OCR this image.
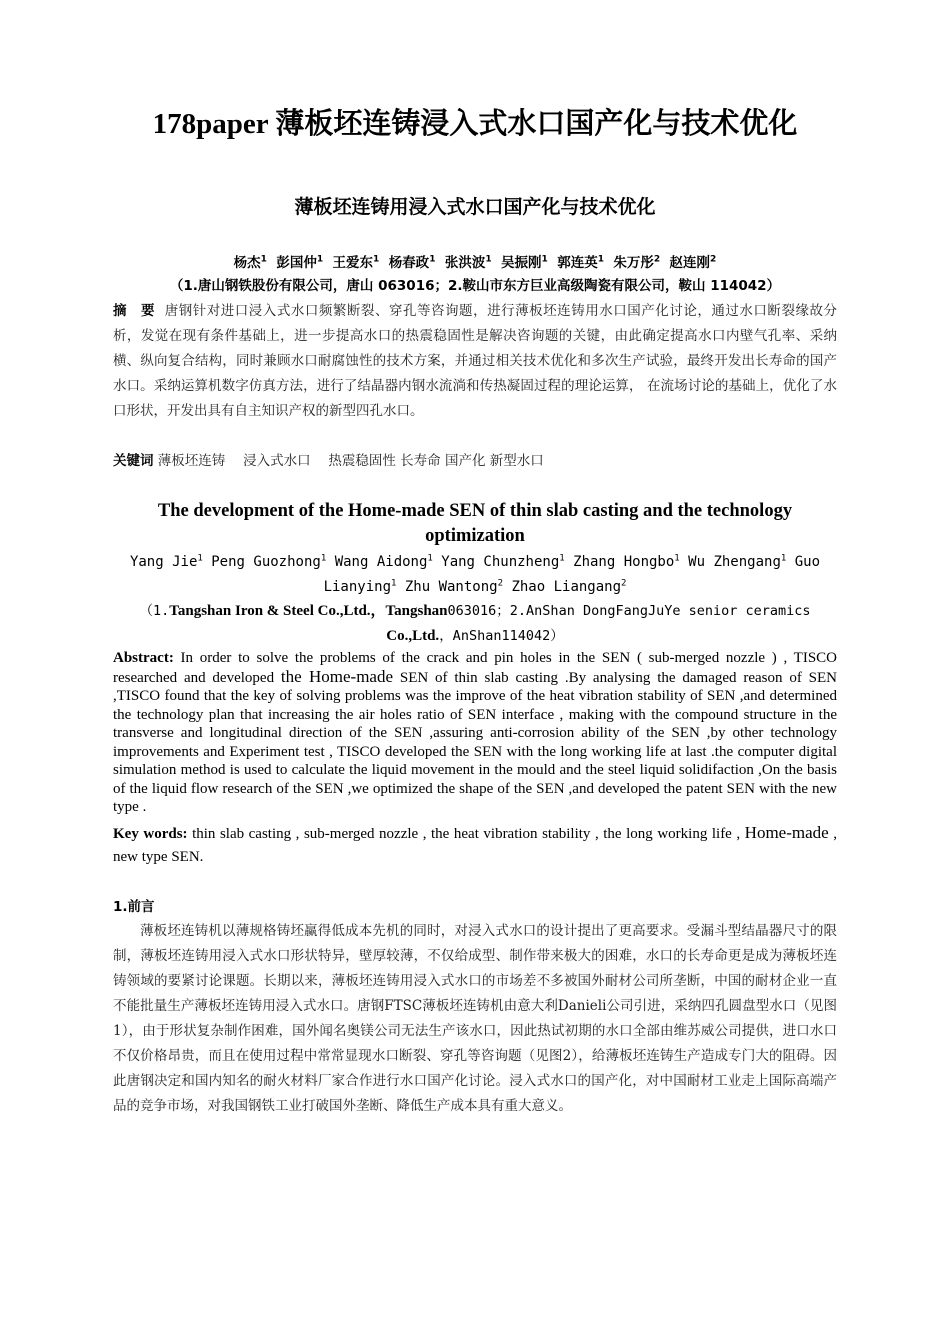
178paper 薄板坯连铸浸入式水口国产化与技术优化
薄板坯连铸用浸入式水口国产化与技术优化
杨杰$^1$ 彭国仲$^1$ 王爱东$^1$ 杨春政$^1$ 张洪波$^1$ 吴振刚$^1$ 郭连英$^1$ 朱万彤$^2$ 赵连刚$^2$
（1.唐山钢铁股份有限公司，唐山 063016；2.鞍山市东方巨业高级陶瓷有限公司，鞍山 114042）
摘　要 唐钢针对进口浸入式水口频繁断裂、穿孔等咨询题，进行薄板坯连铸用水口国产化讨论，通过水口断裂缘故分析，发觉在现有条件基础上，进一步提高水口的热震稳固性是解决咨询题的关键，由此确定提高水口内壁气孔率、采纳横、纵向复合结构，同时兼顾水口耐腐蚀性的技术方案，并通过相关技术优化和多次生产试验，最终开发出长寿命的国产水口。采纳运算机数字仿真方法，进行了结晶器内钢水流淌和传热凝固过程的理论运算， 在流场讨论的基础上，优化了水口形状，开发出具有自主知识产权的新型四孔水口。
关键词 薄板坯连铸　 浸入式水口　 热震稳固性 长寿命 国产化 新型水口
The development of the Home-made SEN of thin slab casting and the technology optimization
Yang Jie$^1$ Peng Guozhong$^1$ Wang Aidong$^1$ Yang Chunzheng$^1$ Zhang Hongbo$^1$ Wu Zhengang$^1$ Guo Lianying$^1$ Zhu Wantong$^2$ Zhao Liangang$^2$
（1.Tangshan Iron & Steel Co.,Ltd.，Tangshan063016；2.AnShan DongFangJuYe senior ceramics Co.,Ltd.，AnShan114042）
Abstract: In order to solve the problems of the crack and pin holes in the SEN ( sub-merged nozzle ) , TISCO researched and developed the Home-made SEN of thin slab casting .By analysing the damaged reason of SEN ,TISCO found that the key of solving problems was the improve of the heat vibration stability of SEN ,and determined the technology plan that increasing the air holes ratio of SEN interface , making with the compound structure in the transverse and longitudinal direction of the SEN ,assuring anti-corrosion ability of the SEN ,by other technology improvements and Experiment test , TISCO developed the SEN with the long working life at last .the computer digital simulation method is used to calculate the liquid movement in the mould and the steel liquid solidifaction ,On the basis of the liquid flow research of the SEN ,we optimized the shape of the SEN ,and developed the patent SEN with the new type .
Key words: thin slab casting , sub-merged nozzle , the heat vibration stability , the long working life , Home-made , new type SEN.
1.前言
薄板坯连铸机以薄规格铸坯赢得低成本先机的同时，对浸入式水口的设计提出了更高要求。受漏斗型结晶器尺寸的限制，薄板坯连铸用浸入式水口形状特异，壁厚较薄，不仅给成型、制作带来极大的困难，水口的长寿命更是成为薄板坯连铸领域的要紧讨论课题。长期以来，薄板坯连铸用浸入式水口的市场差不多被国外耐材公司所垄断，中国的耐材企业一直不能批量生产薄板坯连铸用浸入式水口。唐钢FTSC薄板坯连铸机由意大利Danieli公司引进，采纳四孔圆盘型水口（见图1），由于形状复杂制作困难，国外闻名奥镁公司无法生产该水口，因此热试初期的水口全部由维苏威公司提供，进口水口不仅价格昂贵，而且在使用过程中常常显现水口断裂、穿孔等咨询题（见图2），给薄板坯连铸生产造成专门大的阻碍。因此唐钢决定和国内知名的耐火材料厂家合作进行水口国产化讨论。浸入式水口的国产化，对中国耐材工业走上国际高端产品的竞争市场，对我国钢铁工业打破国外垄断、降低生产成本具有重大意义。
